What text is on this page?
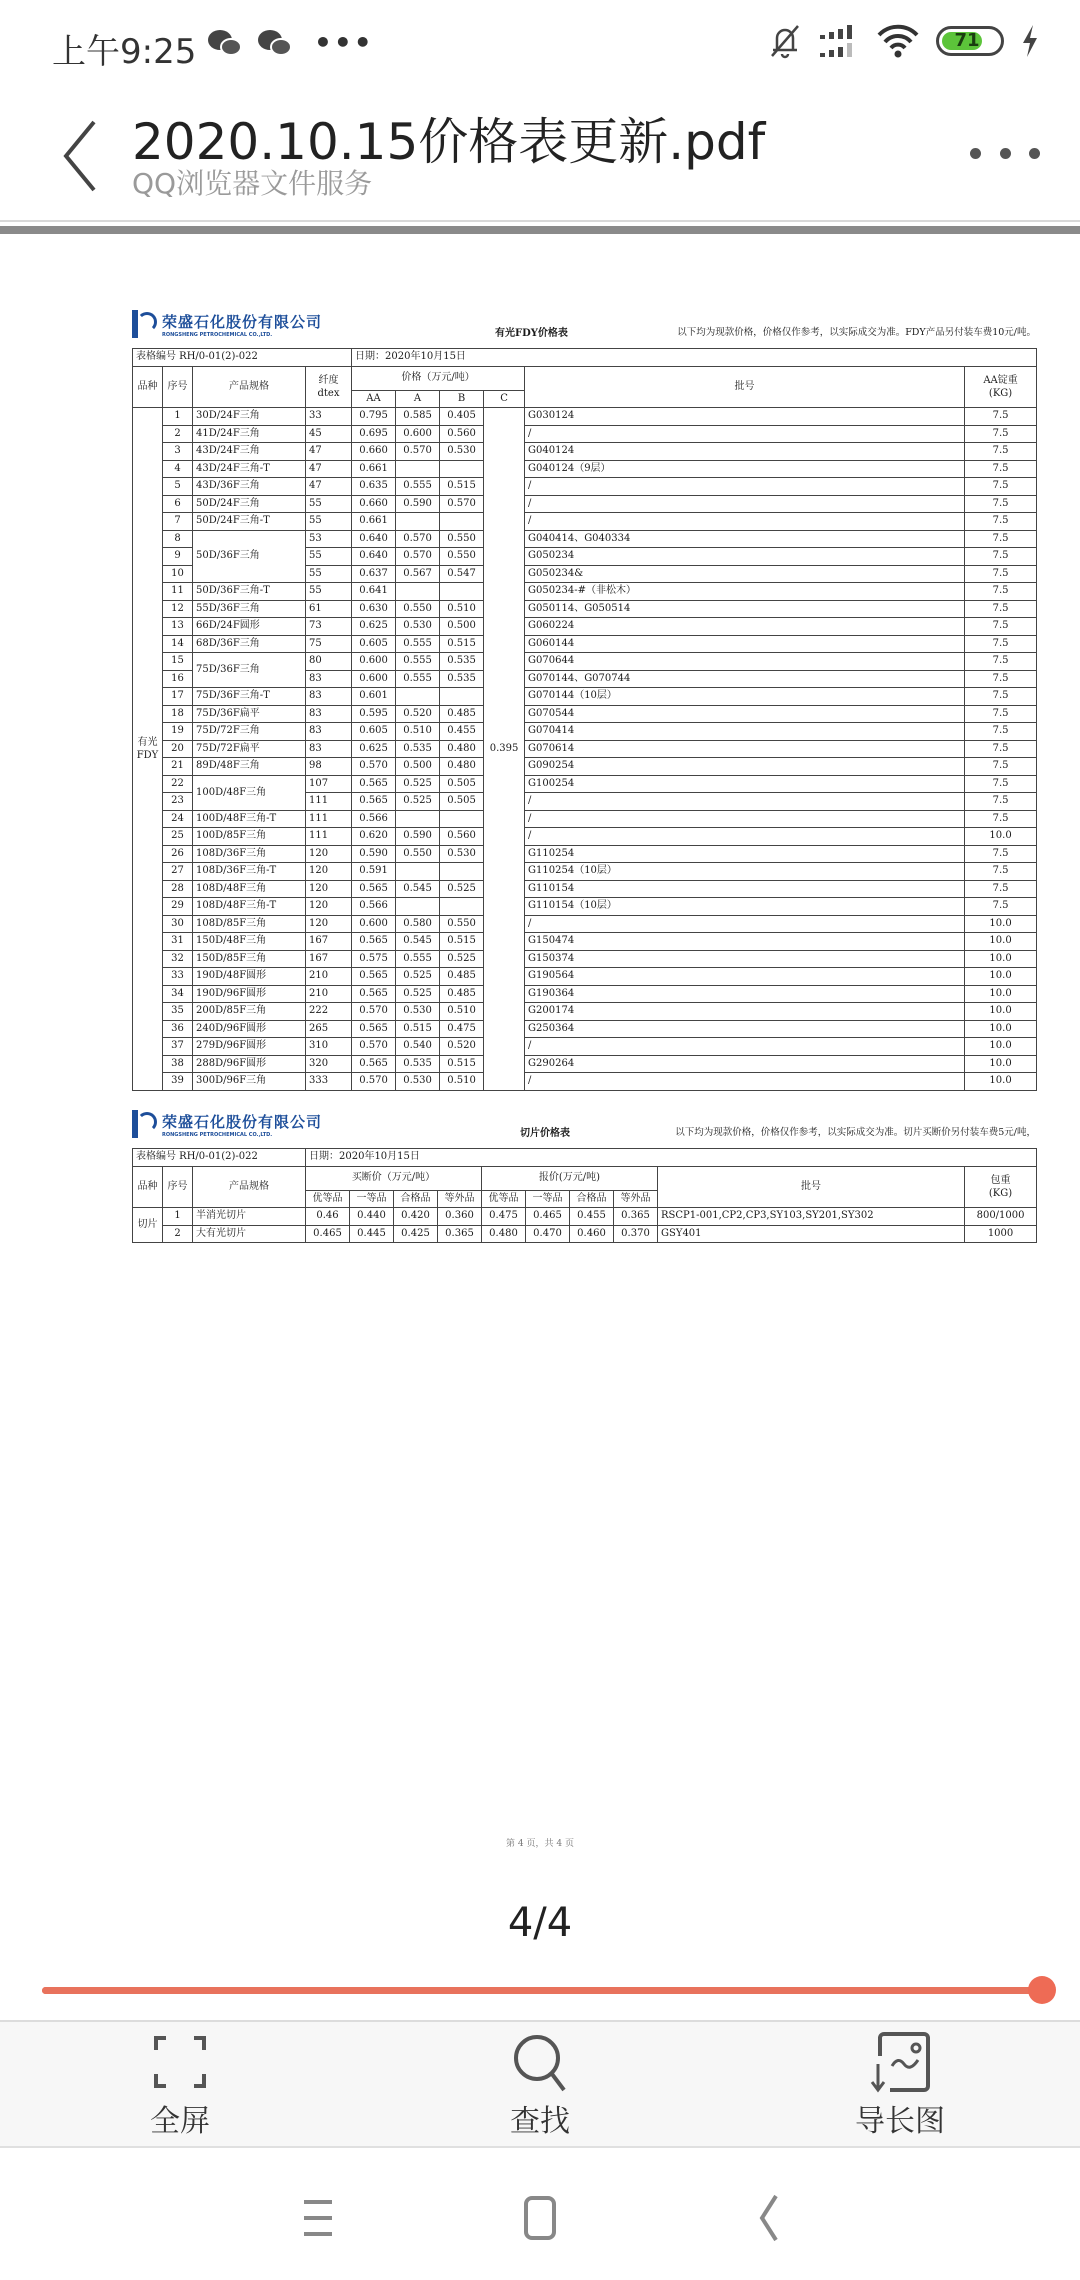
上午9:25	•••	71
2020.10.15价格表更新.pdf
QQ浏览器文件服务
荣盛石化股份有限公司
RONGSHENG PETROCHEMICAL CO.,LTD.	有光FDY价格表	以下均为现款价格，价格仅作参考，以实际成交为准。FDY产品另付装车费10元/吨。
表格编号 RH/0-01(2)-022				日期：2020年10月15日					
品种	序号	产品规格	纤度
dtex	价格（万元/吨）				批号	AA锭重
(KG)
				AA	A	B	C		
有光
FDY	1	30D/24F三角	33	0.795	0.585	0.405	0.395	G030124	7.5
	2	41D/24F三角	45	0.695	0.600	0.560		/	7.5
	3	43D/24F三角	47	0.660	0.570	0.530		G040124	7.5
	4	43D/24F三角-T	47	0.661				G040124（9层）	7.5
	5	43D/36F三角	47	0.635	0.555	0.515		/	7.5
	6	50D/24F三角	55	0.660	0.590	0.570		/	7.5
	7	50D/24F三角-T	55	0.661				/	7.5
	8	50D/36F三角	53	0.640	0.570	0.550		G040414、G040334	7.5
	9		55	0.640	0.570	0.550		G050234	7.5
	10		55	0.637	0.567	0.547		G050234&	7.5
	11	50D/36F三角-T	55	0.641				G050234-#（非松木）	7.5
	12	55D/36F三角	61	0.630	0.550	0.510		G050114、G050514	7.5
	13	66D/24F圆形	73	0.625	0.530	0.500		G060224	7.5
	14	68D/36F三角	75	0.605	0.555	0.515		G060144	7.5
	15	75D/36F三角	80	0.600	0.555	0.535		G070644	7.5
	16		83	0.600	0.555	0.535		G070144、G070744	7.5
	17	75D/36F三角-T	83	0.601				G070144（10层）	7.5
	18	75D/36F扁平	83	0.595	0.520	0.485		G070544	7.5
	19	75D/72F三角	83	0.605	0.510	0.455		G070414	7.5
	20	75D/72F扁平	83	0.625	0.535	0.480		G070614	7.5
	21	89D/48F三角	98	0.570	0.500	0.480		G090254	7.5
	22	100D/48F三角	107	0.565	0.525	0.505		G100254	7.5
	23		111	0.565	0.525	0.505		/	7.5
	24	100D/48F三角-T	111	0.566				/	7.5
	25	100D/85F三角	111	0.620	0.590	0.560		/	10.0
	26	108D/36F三角	120	0.590	0.550	0.530		G110254	7.5
	27	108D/36F三角-T	120	0.591				G110254（10层）	7.5
	28	108D/48F三角	120	0.565	0.545	0.525		G110154	7.5
	29	108D/48F三角-T	120	0.566				G110154（10层）	7.5
	30	108D/85F三角	120	0.600	0.580	0.550		/	10.0
	31	150D/48F三角	167	0.565	0.545	0.515		G150474	10.0
	32	150D/85F三角	167	0.575	0.555	0.525		G150374	10.0
	33	190D/48F圆形	210	0.565	0.525	0.485		G190564	10.0
	34	190D/96F圆形	210	0.565	0.525	0.485		G190364	10.0
	35	200D/85F三角	222	0.570	0.530	0.510		G200174	10.0
	36	240D/96F圆形	265	0.565	0.515	0.475		G250364	10.0
	37	279D/96F圆形	310	0.570	0.540	0.520		/	10.0
	38	288D/96F圆形	320	0.565	0.535	0.515		G290264	10.0
	39	300D/96F三角	333	0.570	0.530	0.510		/	10.0
荣盛石化股份有限公司
RONGSHENG PETROCHEMICAL CO.,LTD.	切片价格表	以下均为现款价格，价格仅作参考，以实际成交为准。切片买断价另付装车费5元/吨，
表格编号 RH/0-01(2)-022			日期：2020年10月15日									
品种	序号	产品规格	买断价（万元/吨）				报价(万元/吨)				批号	包重
(KG)
			优等品	一等品	合格品	等外品	优等品	一等品	合格品	等外品		
切片	1	半消光切片	0.46	0.440	0.420	0.360	0.475	0.465	0.455	0.365	RSCP1-001,CP2,CP3,SY103,SY201,SY302	800/1000
	2	大有光切片	0.465	0.445	0.425	0.365	0.480	0.470	0.460	0.370	GSY401	1000
第 4 页，共 4 页
4/4
全屏	查找	导长图
